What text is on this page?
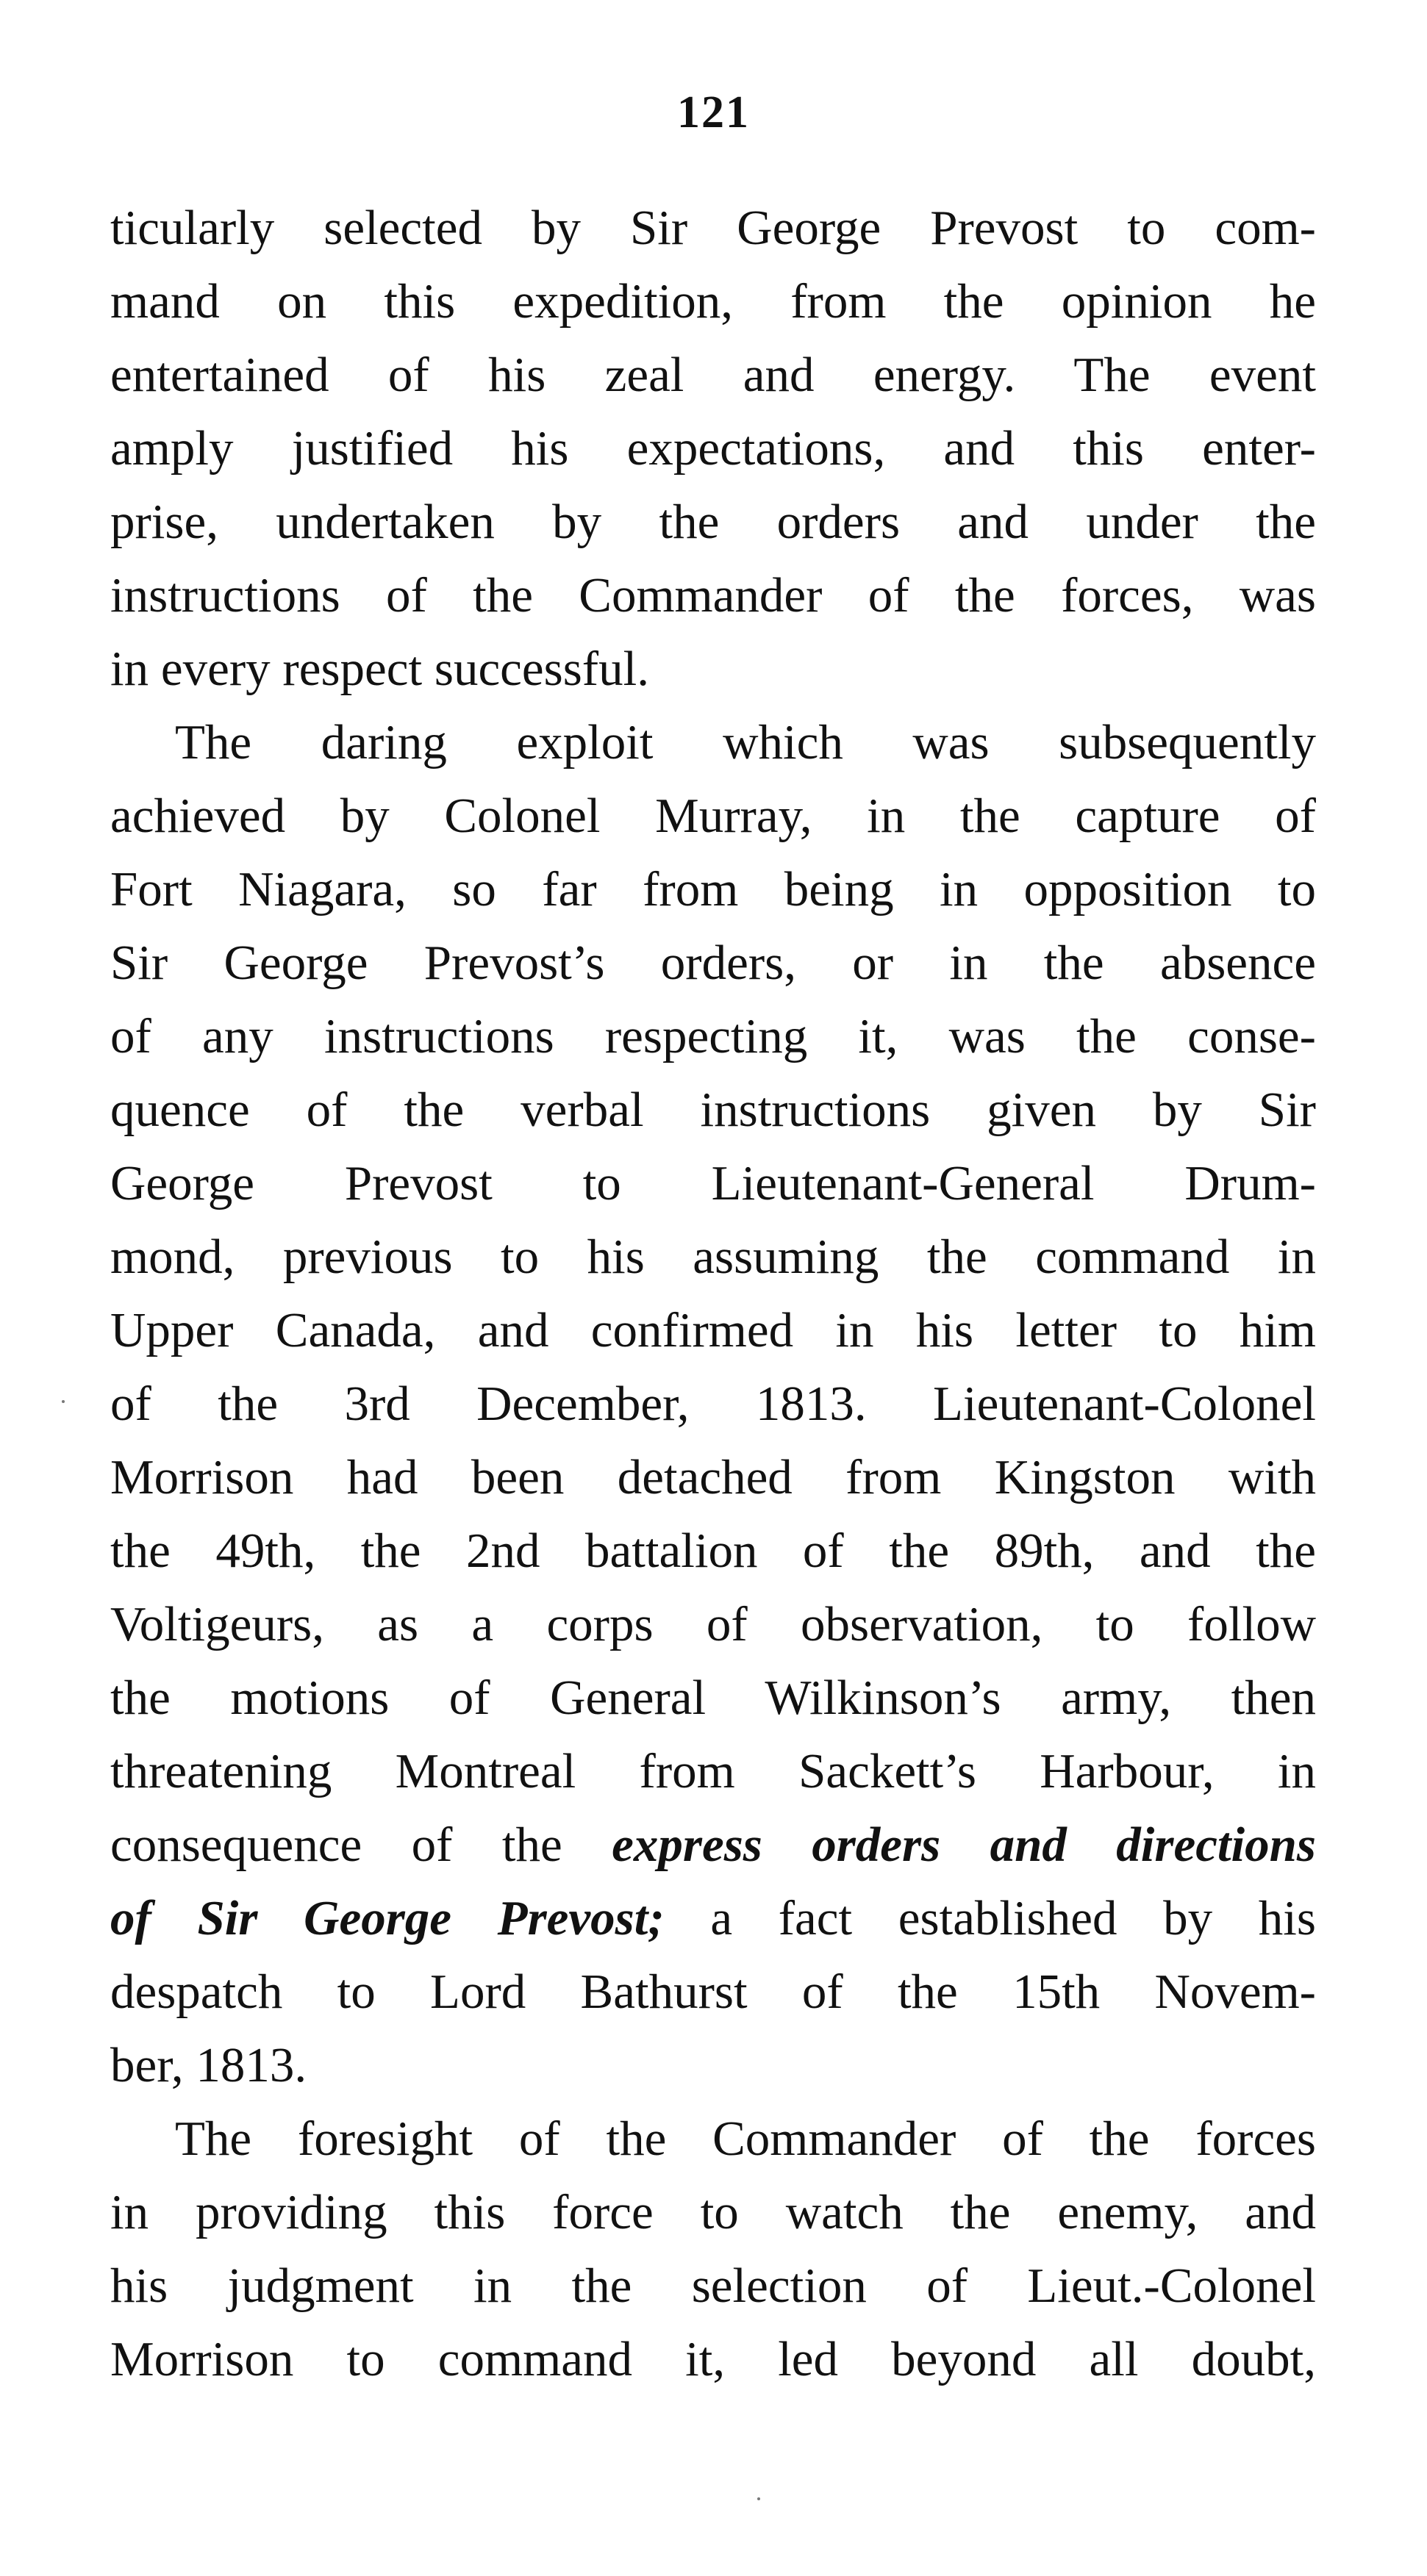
121
ticularly selected by Sir George Prevost to com-
mand on this expedition, from the opinion he
entertained of his zeal and energy. The event
amply justified his expectations, and this enter-
prise, undertaken by the orders and under the
instructions of the Commander of the forces, was
in every respect successful.
The daring exploit which was subsequently
achieved by Colonel Murray, in the capture of
Fort Niagara, so far from being in opposition to
Sir George Prevost’s orders, or in the absence
of any instructions respecting it, was the conse-
quence of the verbal instructions given by Sir
George Prevost to Lieutenant-General Drum-
mond, previous to his assuming the command in
Upper Canada, and confirmed in his letter to him
of the 3rd December, 1813. Lieutenant-Colonel
Morrison had been detached from Kingston with
the 49th, the 2nd battalion of the 89th, and the
Voltigeurs, as a corps of observation, to follow
the motions of General Wilkinson’s army, then
threatening Montreal from Sackett’s Harbour, in
consequence of the express orders and directions
of Sir George Prevost; a fact established by his
despatch to Lord Bathurst of the 15th Novem-
ber, 1813.
The foresight of the Commander of the forces
in providing this force to watch the enemy, and
his judgment in the selection of Lieut.-Colonel
Morrison to command it, led beyond all doubt,
